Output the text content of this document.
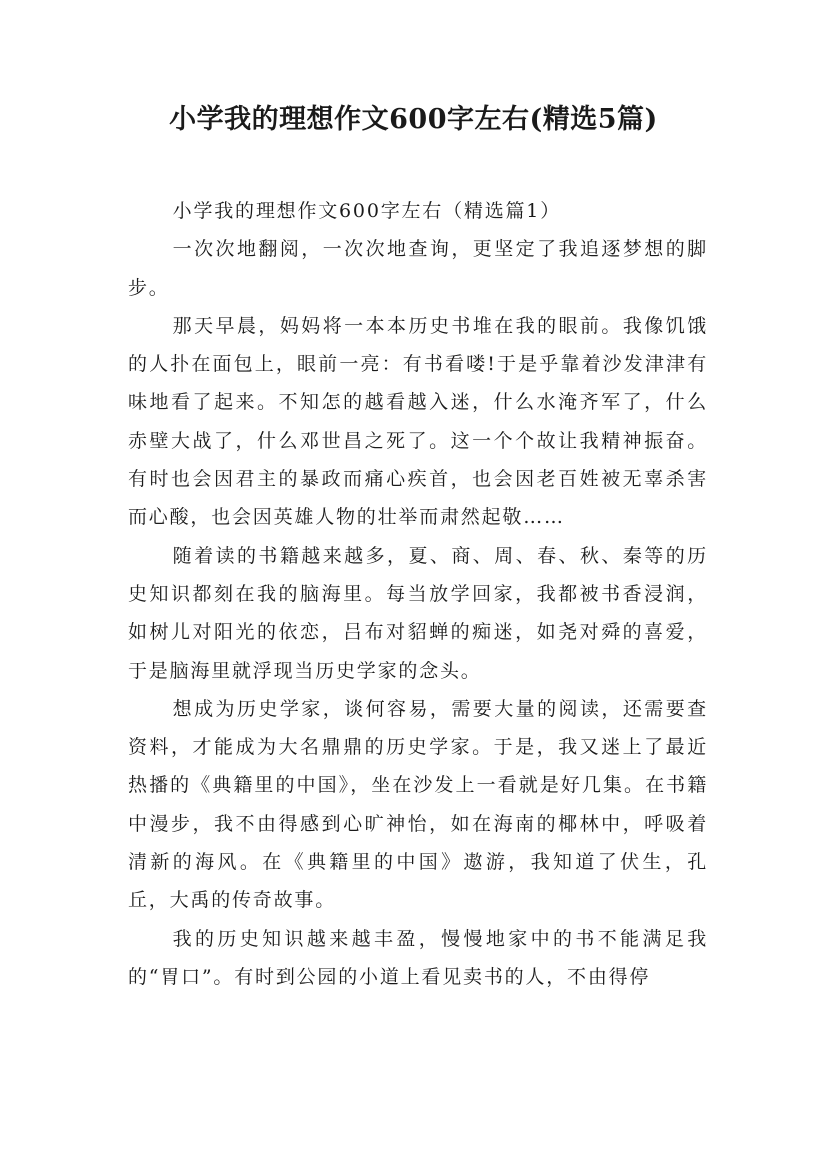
小学我的理想作文600字左右(精选5篇)

小学我的理想作文600字左右（精选篇1）

一次次地翻阅，一次次地查询，更坚定了我追逐梦想的脚步。

那天早晨，妈妈将一本本历史书堆在我的眼前。我像饥饿的人扑在面包上，眼前一亮：有书看喽!于是乎靠着沙发津津有味地看了起来。不知怎的越看越入迷，什么水淹齐军了，什么赤壁大战了，什么邓世昌之死了。这一个个故让我精神振奋。有时也会因君主的暴政而痛心疾首，也会因老百姓被无辜杀害而心酸，也会因英雄人物的壮举而肃然起敬……

随着读的书籍越来越多，夏、商、周、春、秋、秦等的历史知识都刻在我的脑海里。每当放学回家，我都被书香浸润，如树儿对阳光的依恋，吕布对貂蝉的痴迷，如尧对舜的喜爱，于是脑海里就浮现当历史学家的念头。

想成为历史学家，谈何容易，需要大量的阅读，还需要查资料，才能成为大名鼎鼎的历史学家。于是，我又迷上了最近热播的《典籍里的中国》，坐在沙发上一看就是好几集。在书籍中漫步，我不由得感到心旷神怡，如在海南的椰林中，呼吸着清新的海风。在《典籍里的中国》遨游，我知道了伏生，孔丘，大禹的传奇故事。

我的历史知识越来越丰盈，慢慢地家中的书不能满足我的“胃口”。有时到公园的小道上看见卖书的人，不由得停
